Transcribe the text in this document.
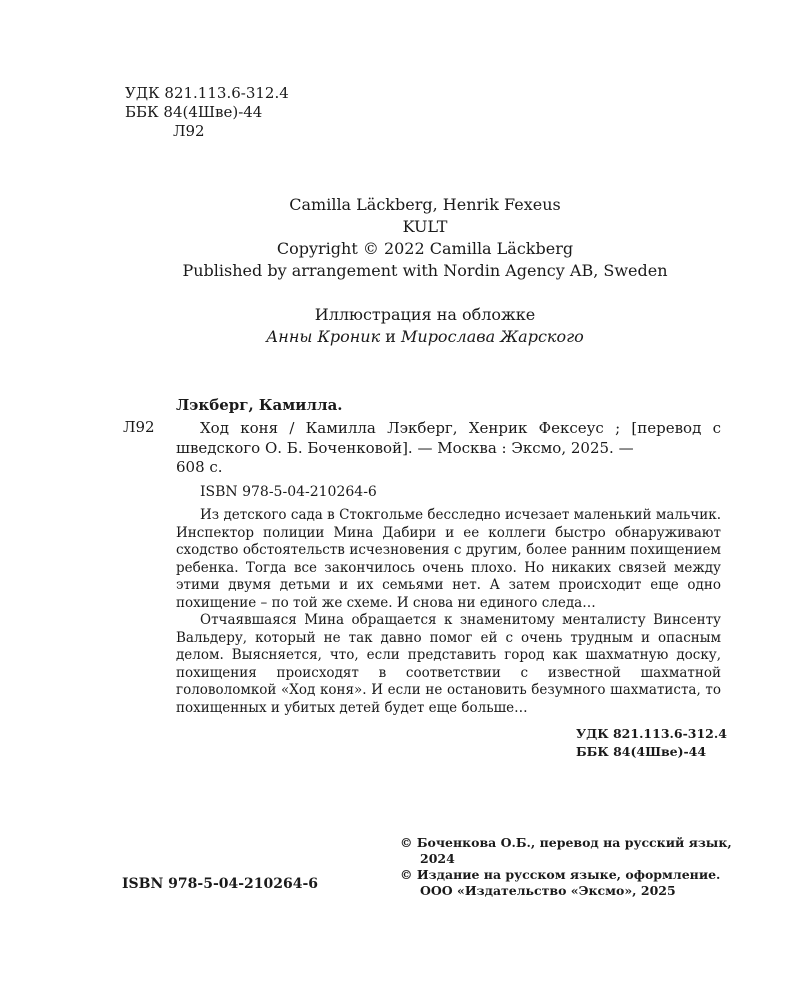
УДК 821.113.6-312.4
ББК 84(4Шве)-44
Л92
Camilla Läckberg, Henrik Fexeus
KULT
Copyright © 2022 Camilla Läckberg
Published by arrangement with Nordin Agency AB, Sweden
Иллюстрация на обложке
Анны Кроник и Мирослава Жарского
Лэкберг, Камилла.
Л92	Ход коня / Камилла Лэкберг, Хенрик Фексеус ; [перевод с шведского О. Б. Боченковой]. — Москва : Эксмо, 2025. —
608 с.
ISBN 978-5-04-210264-6

Из детского сада в Стокгольме бесследно исчезает маленький мальчик. Инспектор полиции Мина Дабири и ее коллеги быстро обнаруживают сходство обстоятельств исчезновения с другим, более ранним похищением ребенка. Тогда все закончилось очень плохо. Но никаких связей между этими двумя детьми и их семьями нет. А затем происходит еще одно похищение – по той же схеме. И снова ни единого следа…

Отчаявшаяся Мина обращается к знаменитому менталисту Винсенту Вальдеру, который не так давно помог ей с очень трудным и опасным делом. Выясняется, что, если представить город как шахматную доску, похищения происходят в соответствии с известной шахматной головоломкой «Ход коня». И если не остановить безумного шахматиста, то похищенных и убитых детей будет еще больше…

УДК 821.113.6-312.4
ББК 84(4Шве)-44
© Боченкова О.Б., перевод на русский язык,
2024
© Издание на русском языке, оформление.
ООО «Издательство «Эксмо», 2025
ISBN 978-5-04-210264-6
